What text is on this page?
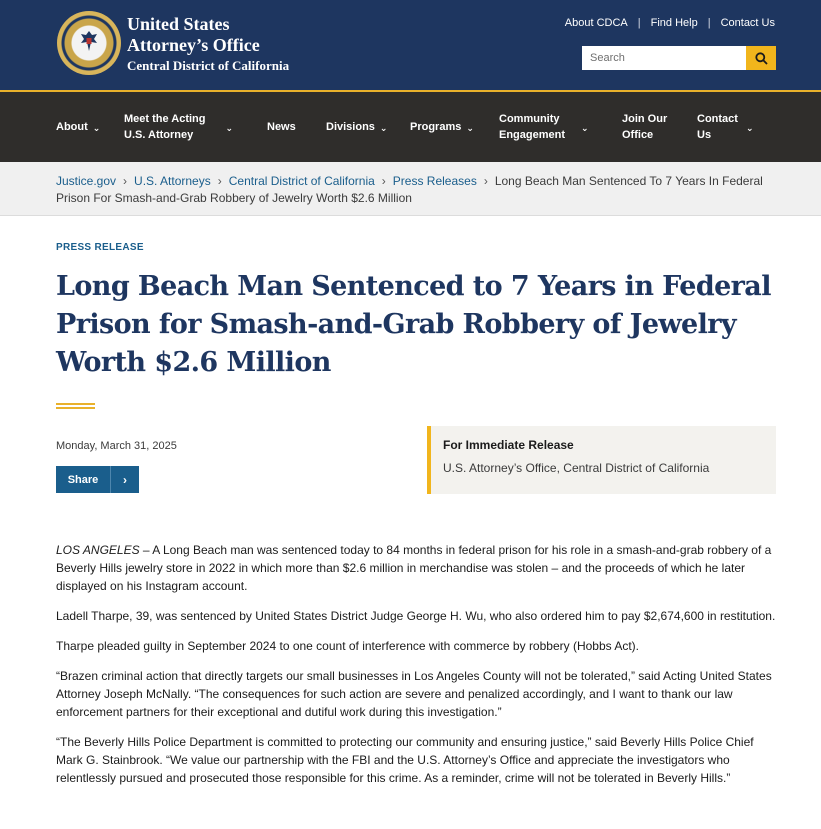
United States
Attorney’s Office
Central District of California
About CDCA | Find Help | Contact Us
Search
About ⌄
Meet the Acting
U.S. Attorney
⌄	News	Divisions ⌄ Programs ⌄
Community
Engagement
⌄
Join Our
Office
Contact
Us
⌄
Justice.gov › U.S. Attorneys › Central District of California › Press Releases › Long Beach Man Sentenced To 7 Years In Federal Prison For Smash-and-Grab Robbery of Jewelry Worth $2.6 Million
PRESS RELEASE
Long Beach Man Sentenced to 7 Years in Federal Prison for Smash-and-Grab Robbery of Jewelry Worth $2.6 Million
Monday, March 31, 2025
Share	›
For Immediate Release
U.S. Attorney’s Office, Central District of California

LOS ANGELES – A Long Beach man was sentenced today to 84 months in federal prison for his role in a smash-and-grab robbery of a Beverly Hills jewelry store in 2022 in which more than $2.6 million in merchandise was stolen – and the proceeds of which he later displayed on his Instagram account.

Ladell Tharpe, 39, was sentenced by United States District Judge George H. Wu, who also ordered him to pay $2,674,600 in restitution.

Tharpe pleaded guilty in September 2024 to one count of interference with commerce by robbery (Hobbs Act).

“Brazen criminal action that directly targets our small businesses in Los Angeles County will not be tolerated,” said Acting United States Attorney Joseph McNally. “The consequences for such action are severe and penalized accordingly, and I want to thank our law enforcement partners for their exceptional and dutiful work during this investigation.”

“The Beverly Hills Police Department is committed to protecting our community and ensuring justice,” said Beverly Hills Police Chief Mark G. Stainbrook. “We value our partnership with the FBI and the U.S. Attorney’s Office and appreciate the investigators who relentlessly pursued and prosecuted those responsible for this crime. As a reminder, crime will not be tolerated in Beverly Hills.”
